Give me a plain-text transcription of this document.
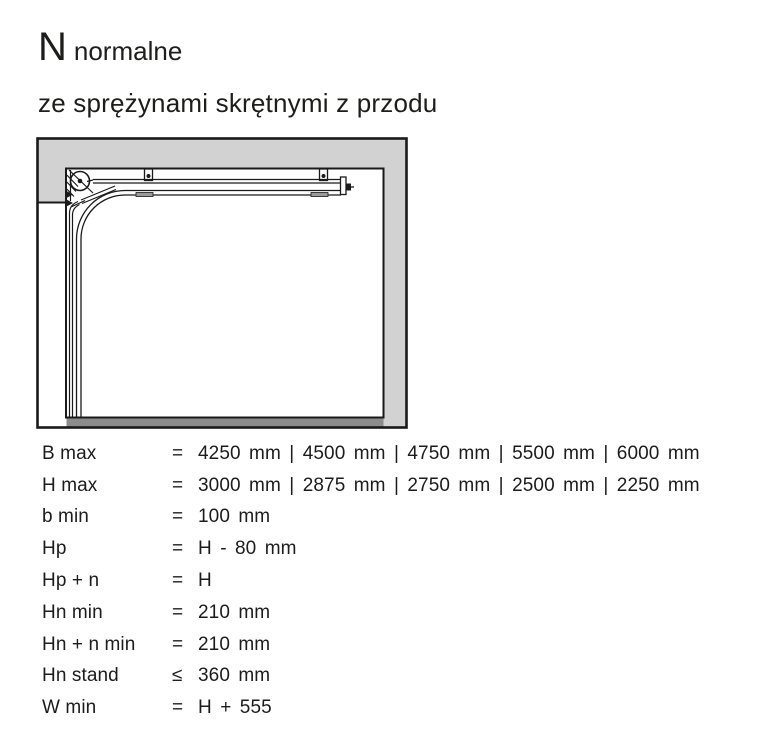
Nnormalne
ze sprężynami skrętnymi z przodu
B max	= 4250 mm | 4500 mm | 4750 mm | 5500 mm | 6000 mm
H max	= 3000 mm | 2875 mm | 2750 mm | 2500 mm | 2250 mm
b min	= 100 mm
Hp	= H - 80 mm
Hp + n	= H
Hn min	= 210 mm
Hn + n min	= 210 mm
Hn stand	≤ 360 mm
W min	= H + 555
